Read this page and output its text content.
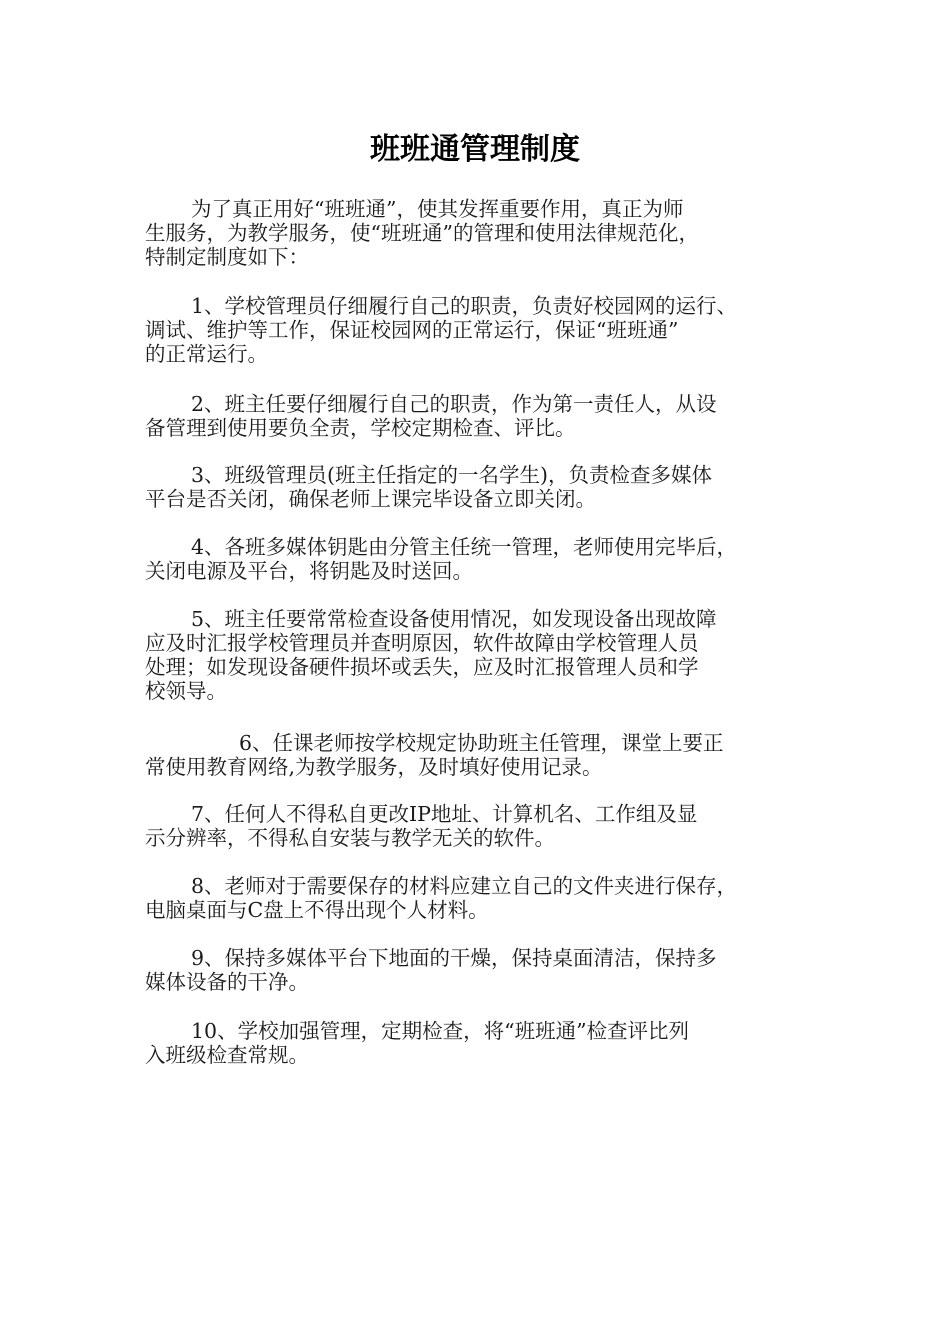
班班通管理制度
为了真正用好“班班通”，使其发挥重要作用，真正为师
生服务，为教学服务，使“班班通”的管理和使用法律规范化，
特制定制度如下：
1、学校管理员仔细履行自己的职责，负责好校园网的运行、
调试、维护等工作，保证校园网的正常运行，保证“班班通”
的正常运行。
2、班主任要仔细履行自己的职责，作为第一责任人，从设
备管理到使用要负全责，学校定期检查、评比。
3、班级管理员(班主任指定的一名学生)，负责检查多媒体
平台是否关闭，确保老师上课完毕设备立即关闭。
4、各班多媒体钥匙由分管主任统一管理，老师使用完毕后，
关闭电源及平台，将钥匙及时送回。
5、班主任要常常检查设备使用情况，如发现设备出现故障
应及时汇报学校管理员并查明原因，软件故障由学校管理人员
处理；如发现设备硬件损坏或丢失，应及时汇报管理人员和学
校领导。
6、任课老师按学校规定协助班主任管理，课堂上要正
常使用教育网络,为教学服务，及时填好使用记录。
7、任何人不得私自更改IP地址、计算机名、工作组及显
示分辨率，不得私自安装与教学无关的软件。
8、老师对于需要保存的材料应建立自己的文件夹进行保存，
电脑桌面与C盘上不得出现个人材料。
9、保持多媒体平台下地面的干燥，保持桌面清洁，保持多
媒体设备的干净。
10、学校加强管理，定期检查，将“班班通”检查评比列
入班级检查常规。
